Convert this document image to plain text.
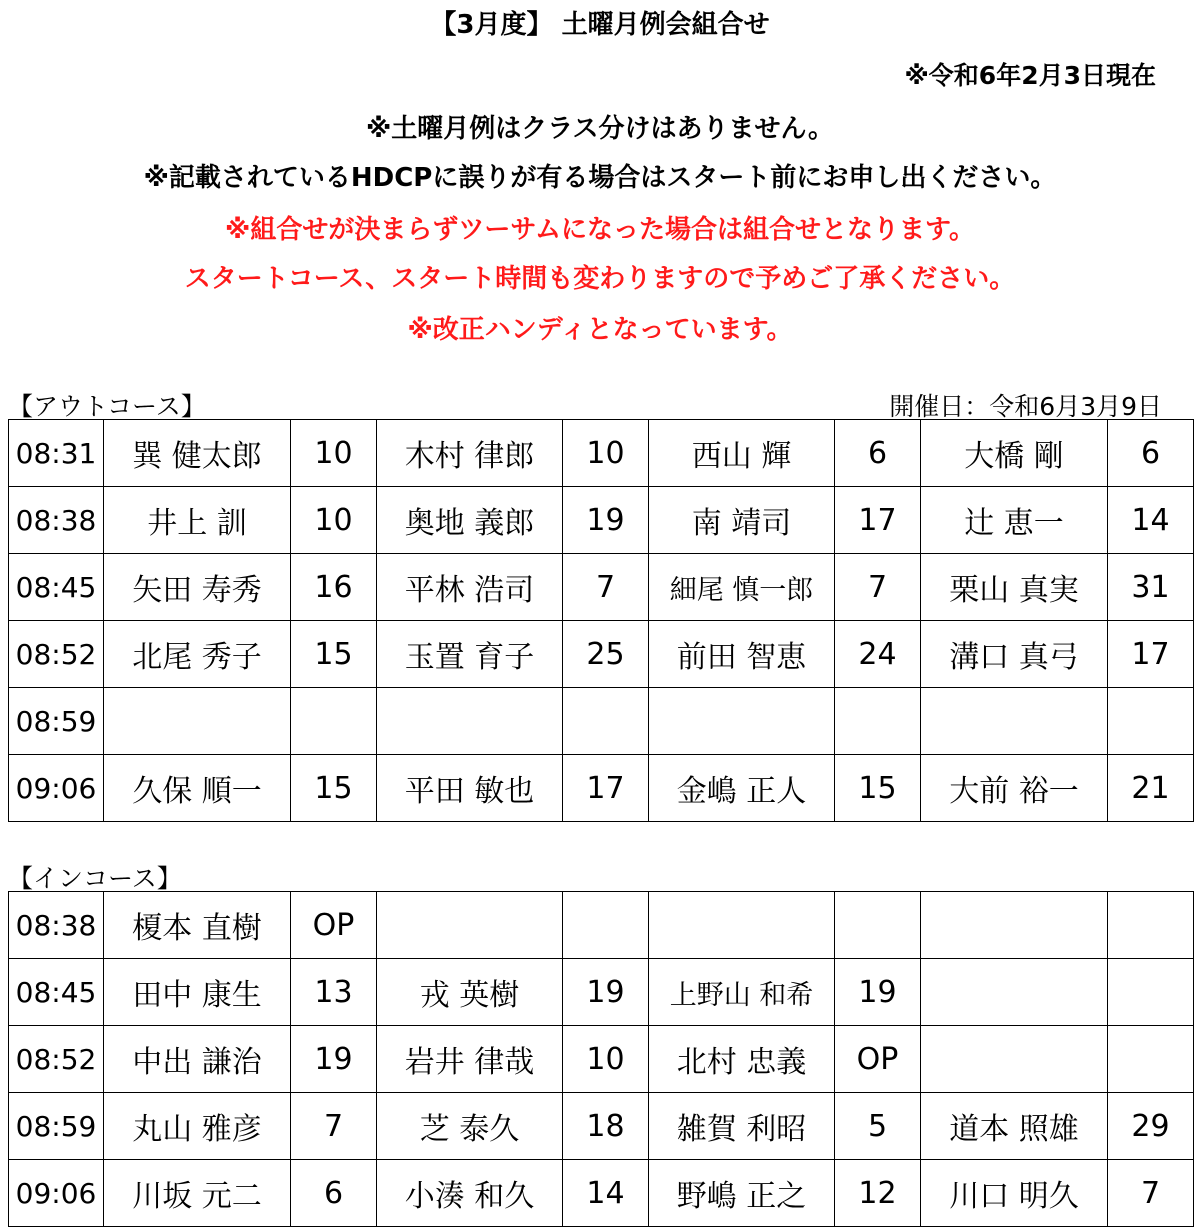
【3月度】 土曜月例会組合せ
※令和6年2月3日現在
※土曜月例はクラス分けはありません。
※記載されているHDCPに誤りが有る場合はスタート前にお申し出ください。
※組合せが決まらずツーサムになった場合は組合せとなります。
スタートコース、スタート時間も変わりますので予めご了承ください。
※改正ハンディとなっています。
【アウトコース】	開催日：令和6月3月9日
08:31	巽 健太郎	10	木村 律郎	10	西山 輝	6	大橋 剛	6
08:38	井上 訓	10	奥地 義郎	19	南 靖司	17	辻 恵一	14
08:45	矢田 寿秀	16	平林 浩司	7	細尾 慎一郎	7	栗山 真実	31
08:52	北尾 秀子	15	玉置 育子	25	前田 智恵	24	溝口 真弓	17
08:59								
09:06	久保 順一	15	平田 敏也	17	金嶋 正人	15	大前 裕一	21
【インコース】
08:38	榎本 直樹	OP						
08:45	田中 康生	13	戎 英樹	19	上野山 和希	19		
08:52	中出 謙治	19	岩井 律哉	10	北村 忠義	OP		
08:59	丸山 雅彦	7	芝 泰久	18	雑賀 利昭	5	道本 照雄	29
09:06	川坂 元二	6	小湊 和久	14	野嶋 正之	12	川口 明久	7
